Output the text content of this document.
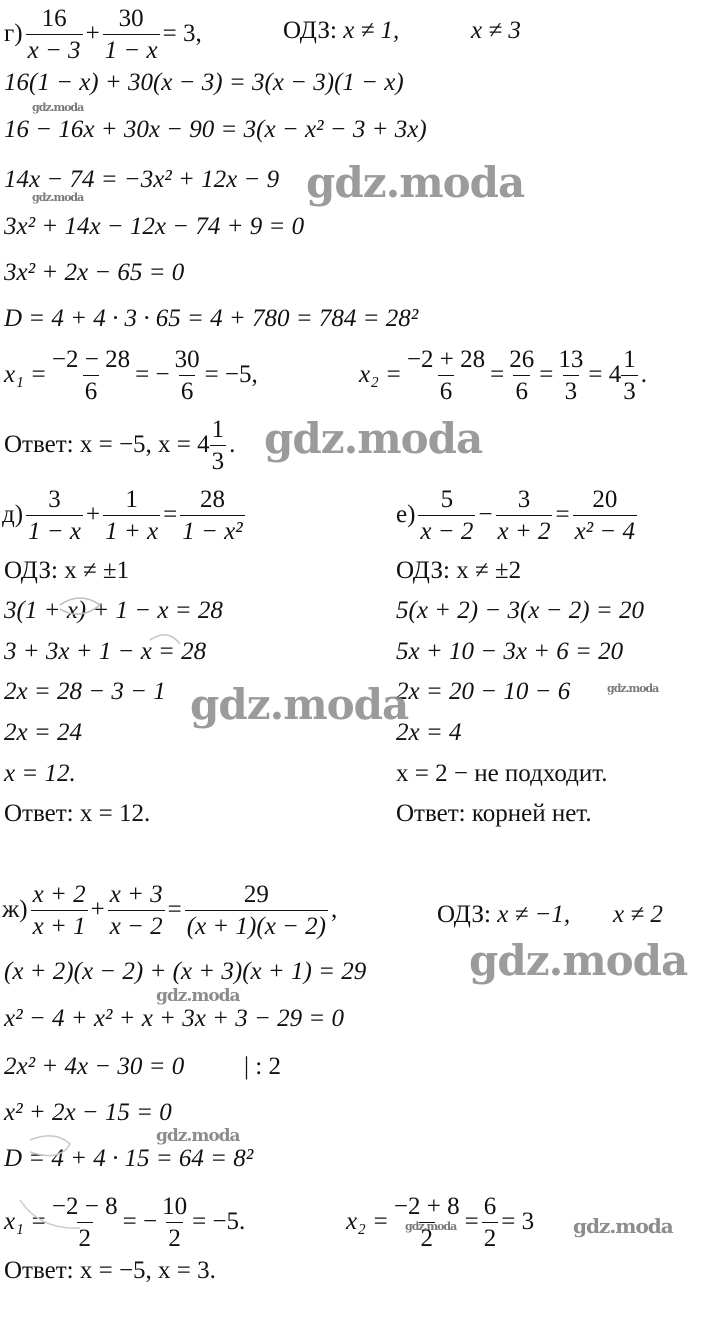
$г) \frac{16}{x - 3} + \frac{30}{1 - x} = 3$,	ОДЗ: x ≠ 1,	x ≠ 3
16(1 − x) + 30(x − 3) = 3(x − 3)(1 − x)
16 − 16x + 30x − 90 = 3(x − x² − 3 + 3x)
14x − 74 = −3x² + 12x − 9
3x² + 14x − 12x − 74 + 9 = 0
3x² + 2x − 65 = 0
D = 4 + 4 · 3 · 65 = 4 + 780 = 784 = 28²
$x_1 = \frac{-2 - 28}{6}$ = − $\frac{30}{6} = -5$,	$x_2 = \frac{-2 + 28}{6} = \frac{26}{6} = \frac{13}{3} = 4 \frac{1}{3}$ .
Ответ: x = −5, $x = 4 \frac{1}{3}$ .
$д) \frac{3}{1 - x} + \frac{1}{1 + x} = \frac{28}{\text{1 − x²}}$
ОДЗ: x ≠ ±1
3(1 + x) + 1 − x = 28
3 + 3x + 1 − x = 28
2x = 28 − 3 − 1
2x = 24
x = 12.
Ответ: x = 12.
$е) \frac{5}{x - 2} - \frac{3}{x + 2} = \frac{20}{\text{x² − 4}}$
ОДЗ: x ≠ ±2
5(x + 2) − 3(x − 2) = 20
5x + 10 − 3x + 6 = 20
2x = 20 − 10 − 6
2x = 4
x = 2 − не подходит.
Ответ: корней нет.
$ж) \frac{x + 2}{x + 1} + \frac{x + 3}{x - 2} = \frac{29}{(x + 1)(x - 2)}$ ,	ОДЗ: x ≠ −1, x ≠ 2
(x + 2)(x − 2) + (x + 3)(x + 1) = 29
x² − 4 + x² + x + 3x + 3 − 29 = 0
2x² + 4x − 30 = 0 | : 2
x² + 2x − 15 = 0
D = 4 + 4 · 15 = 64 = 8²
$x_1 = \frac{-2 - 8}{2}$ = − $\frac{10}{2} = -5$.	$x_2 = \frac{-2 + 8}{2} = \frac{6}{2} = 3$
Ответ: x = −5, x = 3.
gdz.moda
gdz.moda
gdz.moda
gdz.moda
gdz.moda
gdz.moda
gdz.moda
gdz.moda
gdz.moda
gdz.moda
gdz.moda
